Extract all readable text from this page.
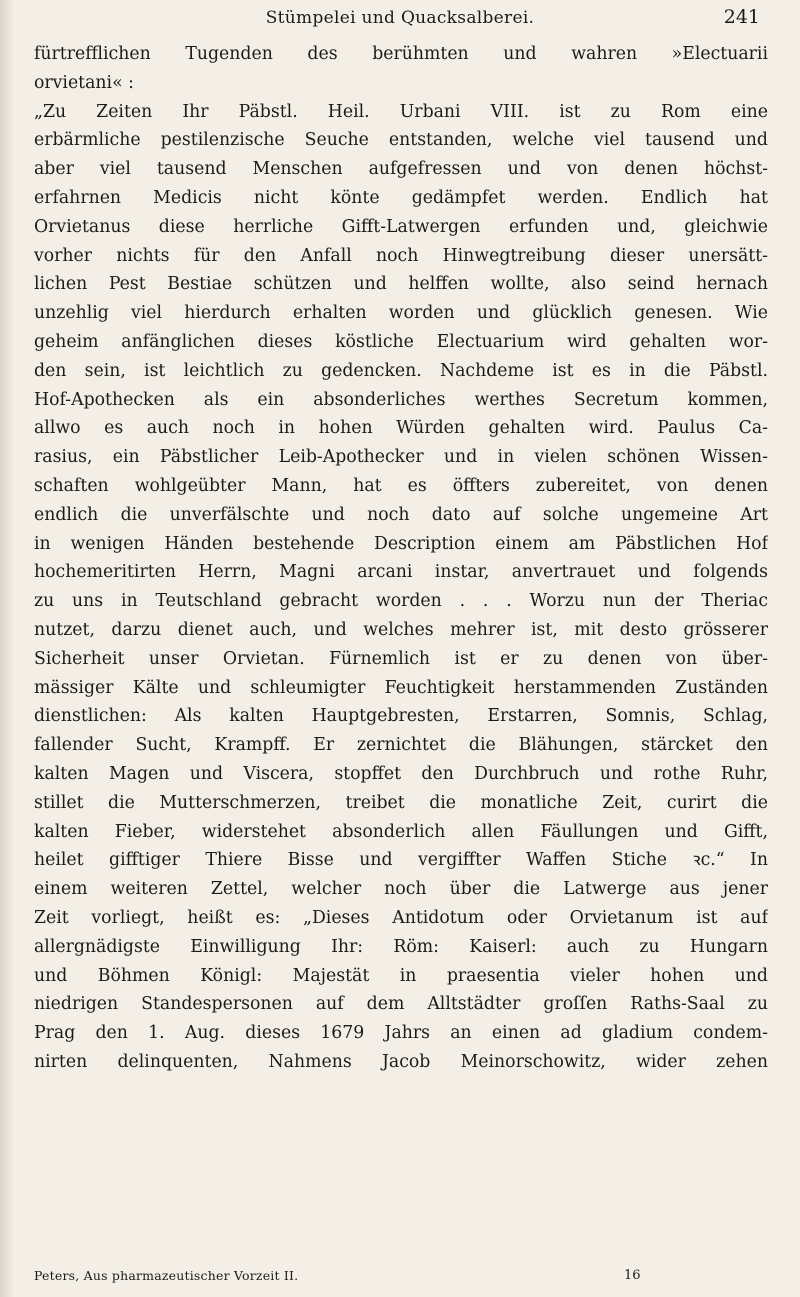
Stümpelei und Quacksalberei.	241
fürtrefflichen Tugenden des berühmten und wahren »Electuarii
orvietani« :
„Zu Zeiten Ihr Päbstl. Heil. Urbani VIII. ist zu Rom eine
erbärmliche pestilenzische Seuche entstanden, welche viel tausend und
aber viel tausend Menschen aufgefressen und von denen höchst-
erfahrnen Medicis nicht könte gedämpfet werden. Endlich hat
Orvietanus diese herrliche Gifft-Latwergen erfunden und, gleichwie
vorher nichts für den Anfall noch Hinwegtreibung dieser unersätt-
lichen Pest Bestiae schützen und helffen wollte, also seind hernach
unzehlig viel hierdurch erhalten worden und glücklich genesen. Wie
geheim anfänglichen dieses köstliche Electuarium wird gehalten wor-
den sein, ist leichtlich zu gedencken. Nachdeme ist es in die Päbstl.
Hof-Apothecken als ein absonderliches werthes Secretum kommen,
allwo es auch noch in hohen Würden gehalten wird. Paulus Ca-
rasius, ein Päbstlicher Leib-Apothecker und in vielen schönen Wissen-
schaften wohlgeübter Mann, hat es öffters zubereitet, von denen
endlich die unverfälschte und noch dato auf solche ungemeine Art
in wenigen Händen bestehende Description einem am Päbstlichen Hof
hochemeritirten Herrn, Magni arcani instar, anvertrauet und folgends
zu uns in Teutschland gebracht worden . . . Worzu nun der Theriac
nutzet, darzu dienet auch, und welches mehrer ist, mit desto grösserer
Sicherheit unser Orvietan. Fürnemlich ist er zu denen von über-
mässiger Kälte und schleumigter Feuchtigkeit herstammenden Zuständen
dienstlichen: Als kalten Hauptgebresten, Erstarren, Somnis, Schlag,
fallender Sucht, Krampff. Er zernichtet die Blähungen, stärcket den
kalten Magen und Viscera, stopffet den Durchbruch und rothe Ruhr,
stillet die Mutterschmerzen, treibet die monatliche Zeit, curirt die
kalten Fieber, widerstehet absonderlich allen Fäullungen und Gifft,
heilet gifftiger Thiere Bisse und vergiffter Waffen Stiche ꝛc.“ In
einem weiteren Zettel, welcher noch über die Latwerge aus jener
Zeit vorliegt, heißt es: „Dieses Antidotum oder Orvietanum ist auf
allergnädigste Einwilligung Ihr: Röm: Kaiserl: auch zu Hungarn
und Böhmen Königl: Majestät in praesentia vieler hohen und
niedrigen Standespersonen auf dem Alltstädter groſſen Raths-Saal zu
Prag den 1. Aug. dieses 1679 Jahrs an einen ad gladium condem-
nirten delinquenten, Nahmens Jacob Meinorschowitz, wider zehen
Peters, Aus pharmazeutischer Vorzeit II.	16
